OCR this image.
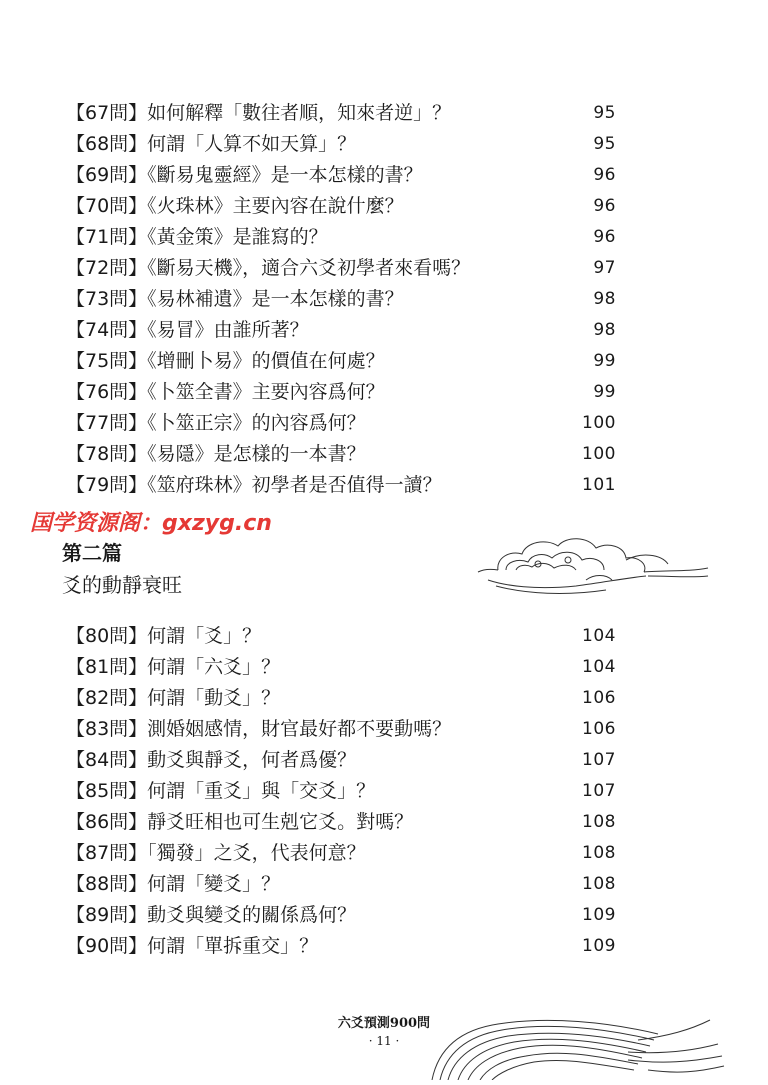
【67問】如何解釋「數往者順，知來者逆」？	95
【68問】何謂「人算不如天算」？	95
【69問】《斷易鬼靈經》是一本怎樣的書？	96
【70問】《火珠林》主要內容在說什麼？	96
【71問】《黃金策》是誰寫的？	96
【72問】《斷易天機》，適合六爻初學者來看嗎？	97
【73問】《易林補遺》是一本怎樣的書？	98
【74問】《易冒》由誰所著？	98
【75問】《增刪卜易》的價值在何處？	99
【76問】《卜筮全書》主要內容爲何？	99
【77問】《卜筮正宗》的內容爲何？	100
【78問】《易隱》是怎樣的一本書？	100
【79問】《筮府珠林》初學者是否值得一讀？	101
国学资源阁：gxzyg.cn
第二篇
爻的動靜衰旺
【80問】何謂「爻」？	104
【81問】何謂「六爻」？	104
【82問】何謂「動爻」？	106
【83問】測婚姻感情，財官最好都不要動嗎？	106
【84問】動爻與靜爻，何者爲優？	107
【85問】何謂「重爻」與「交爻」？	107
【86問】靜爻旺相也可生剋它爻。對嗎？	108
【87問】「獨發」之爻，代表何意？	108
【88問】何謂「變爻」？	108
【89問】動爻與變爻的關係爲何？	109
【90問】何謂「單拆重交」？	109
六爻預測900問
· 11 ·
